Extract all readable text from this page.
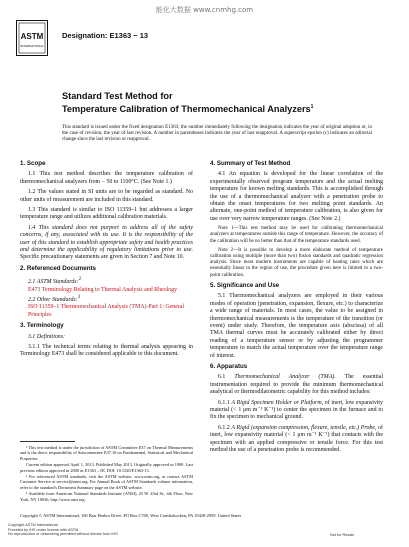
能化大数据 www.cnmhg.com
ASTM
INTERNATIONAL
Designation: E1363 − 13
Standard Test Method for
Temperature Calibration of Thermomechanical Analyzers$^1$
This standard is issued under the fixed designation E1363; the number immediately following the designation indicates the year of original adoption or, in the case of revision, the year of last revision. A number in parentheses indicates the year of last reapproval. A superscript epsilon (ε) indicates an editorial change since the last revision or reapproval.
1. Scope
1.1 This test method describes the temperature calibration of thermomechanical analyzers from − 50 to 1100°C. (See Note 1.)
1.2 The values stated in SI units are to be regarded as standard. No other units of measurement are included in this standard.
1.3 This standard is similar to ISO 11359–1 but addresses a larger temperature range and utilizes additional calibration materials.
1.4 This standard does not purport to address all of the safety concerns, if any, associated with its use. It is the responsibility of the user of this standard to establish appropriate safety and health practices and determine the applicability of regulatory limitations prior to use. Specific precautionary statements are given in Section 7 and Note 10.
2. Referenced Documents
2.1 ASTM Standards:$^2$
E473 Terminology Relating to Thermal Analysis and Rheology
2.2 Other Standards:$^3$
ISO 11359–1 Thermomechanical Analysis (TMA)-Part 1: General Principles
3. Terminology
3.1 Definitions:
3.1.1 The technical terms relating to thermal analysis appearing in Terminology E473 shall be considered applicable to this document.
¹ This test method is under the jurisdiction of ASTM Committee E37 on Thermal Measurements and is the direct responsibility of Subcommittee E37.10 on Fundamental, Statistical and Mechanical Properties.
Current edition approved April 1, 2013. Published May 2013. Originally approved in 1990. Last previous edition approved in 2008 as E1363 – 08. DOI: 10.1520/E1363-13.
² For referenced ASTM standards, visit the ASTM website, www.astm.org, or contact ASTM Customer Service at service@astm.org. For Annual Book of ASTM Standards volume information, refer to the standard's Document Summary page on the ASTM website.
³ Available from American National Standards Institute (ANSI), 25 W. 43rd St., 4th Floor, New York, NY 10036, http://www.ansi.org.
4. Summary of Test Method
4.1 An equation is developed for the linear correlation of the experimentally observed program temperature and the actual melting temperature for known melting standards. This is accomplished through the use of a thermomechanical analyzer with a penetration probe to obtain the onset temperatures for two melting point standards. An alternate, one-point method of temperature calibration, is also given for use over very narrow temperature ranges. (See Note 2.)
Note 1—This test method may be used for calibrating thermomechanical analyzers at temperatures outside this range of temperature. However, the accuracy of the calibration will be no better than that of the temperature standards used.
Note 2—It is possible to develop a more elaborate method of temperature calibration using multiple (more than two) fusion standards and quadratic regression analysis. Since most modern instruments are capable of heating rates which are essentially linear in the region of use, the procedure given here is limited to a two-point calibration.
5. Significance and Use
5.1 Thermomechanical analyzers are employed in their various modes of operation (penetration, expansion, flexure, etc.) to characterize a wide range of materials. In most cases, the value to be assigned in thermomechanical measurements is the temperature of the transition (or event) under study. Therefore, the temperature axis (abscissa) of all TMA thermal curves must be accurately calibrated either by direct reading of a temperature sensor or by adjusting the programmer temperature to match the actual temperature over the temperature range of interest.
6. Apparatus
6.1 Thermomechanical Analyzer (TMA). The essential instrumentation required to provide the minimum thermomechanical analytical or thermodilatometric capability for this method includes:
6.1.1 A Rigid Specimen Holder or Platform, of inert, low expansivity material (< 1 μm m⁻¹ K⁻¹) to center the specimen in the furnace and to fix the specimen to mechanical ground.
6.1.2 A Rigid (expansion compression, flexure, tensile, etc.) Probe, of inert, low expansivity material (< 1 μm m⁻¹ K⁻¹) that contacts with the specimen with an applied compressive or tensile force. For this test method the use of a penetration probe is recommended.
Copyright © ASTM International, 100 Barr Harbor Drive, PO Box C700, West Conshohocken, PA 19428-2959. United States
Copyright ASTM International
Provided by IHS under license with ASTM
No reproduction or networking permitted without license from IHS	Not for Resale
